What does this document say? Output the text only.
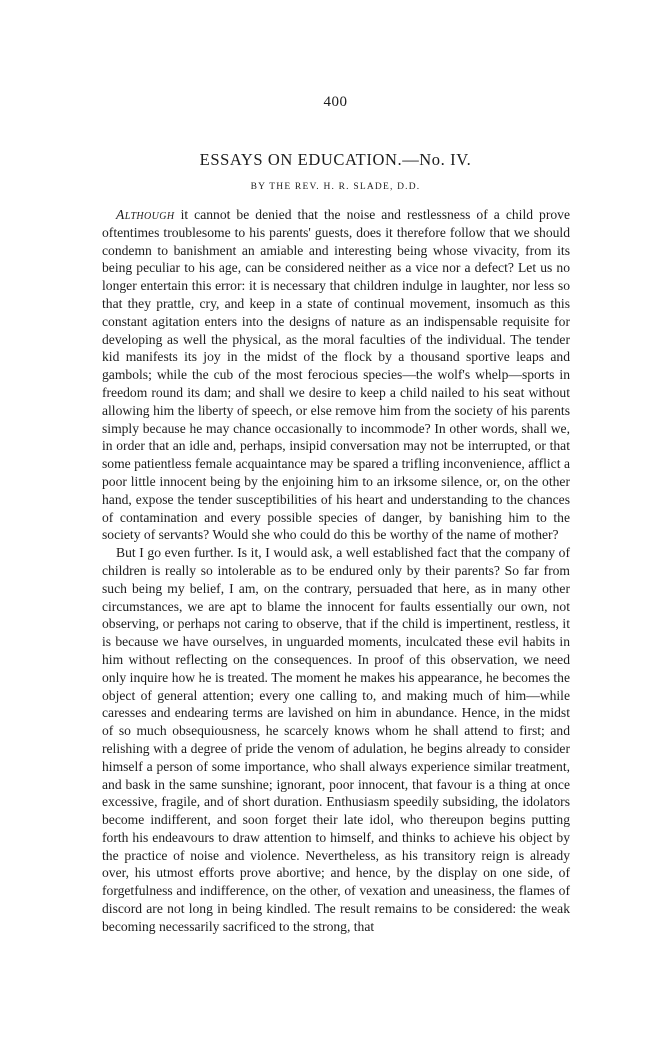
400
ESSAYS ON EDUCATION.—No. IV.
BY THE REV. H. R. SLADE, D.D.

Although it cannot be denied that the noise and restlessness of a child prove oftentimes troublesome to his parents' guests, does it therefore follow that we should condemn to banishment an amiable and interesting being whose vivacity, from its being peculiar to his age, can be considered neither as a vice nor a defect? Let us no longer entertain this error: it is necessary that children indulge in laughter, nor less so that they prattle, cry, and keep in a state of continual movement, insomuch as this constant agitation enters into the designs of nature as an indispensable requisite for developing as well the physical, as the moral faculties of the individual. The tender kid manifests its joy in the midst of the flock by a thousand sportive leaps and gambols; while the cub of the most ferocious species—the wolf's whelp—sports in freedom round its dam; and shall we desire to keep a child nailed to his seat without allowing him the liberty of speech, or else remove him from the society of his parents simply because he may chance occasionally to incommode? In other words, shall we, in order that an idle and, perhaps, insipid conversation may not be interrupted, or that some patientless female acquaintance may be spared a trifling inconvenience, afflict a poor little innocent being by the enjoining him to an irksome silence, or, on the other hand, expose the tender susceptibilities of his heart and understanding to the chances of contamination and every possible species of danger, by banishing him to the society of servants? Would she who could do this be worthy of the name of mother?

But I go even further. Is it, I would ask, a well established fact that the company of children is really so intolerable as to be endured only by their parents? So far from such being my belief, I am, on the contrary, persuaded that here, as in many other circumstances, we are apt to blame the innocent for faults essentially our own, not observing, or perhaps not caring to observe, that if the child is impertinent, restless, it is because we have ourselves, in unguarded moments, inculcated these evil habits in him without reflecting on the consequences. In proof of this observation, we need only inquire how he is treated. The moment he makes his appearance, he becomes the object of general attention; every one calling to, and making much of him—while caresses and endearing terms are lavished on him in abundance. Hence, in the midst of so much obsequiousness, he scarcely knows whom he shall attend to first; and relishing with a degree of pride the venom of adulation, he begins already to consider himself a person of some importance, who shall always experience similar treatment, and bask in the same sunshine; ignorant, poor innocent, that favour is a thing at once excessive, fragile, and of short duration. Enthusiasm speedily subsiding, the idolators become indifferent, and soon forget their late idol, who thereupon begins putting forth his endeavours to draw attention to himself, and thinks to achieve his object by the practice of noise and violence. Nevertheless, as his transitory reign is already over, his utmost efforts prove abortive; and hence, by the display on one side, of forgetfulness and indifference, on the other, of vexation and uneasiness, the flames of discord are not long in being kindled. The result remains to be considered: the weak becoming necessarily sacrificed to the strong, that
